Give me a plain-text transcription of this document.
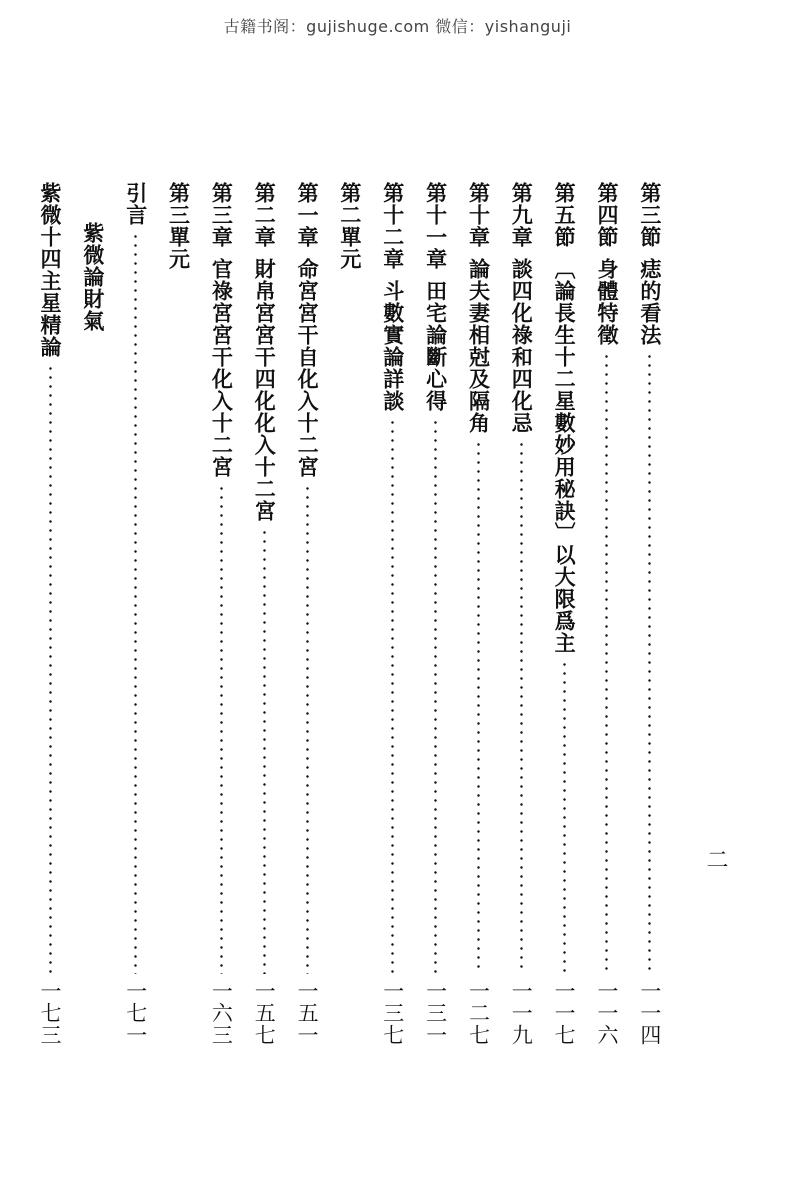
古籍书阁：gujishuge.com 微信：yishanguji
第三節
痣的看法
一一四
第四節
身體特徵
一一六
第五節
〔論長生十二星數妙用秘訣〕以大限爲主
一一七
第九章
談四化祿和四化忌
一一九
第十章
論夫妻相尅及隔角
一二七
第十一章
田宅論斷心得
一三一
第十二章
斗數實論詳談
一三七
第二單元
第一章
命宮宮干自化入十二宮
一五一
第二章
財帛宮宮干四化化入十二宮
一五七
第三章
官祿宮宮干化入十二宮
一六三
第三單元
引言
一七一
紫微論財氣
紫微十四主星精論
一七三
二
